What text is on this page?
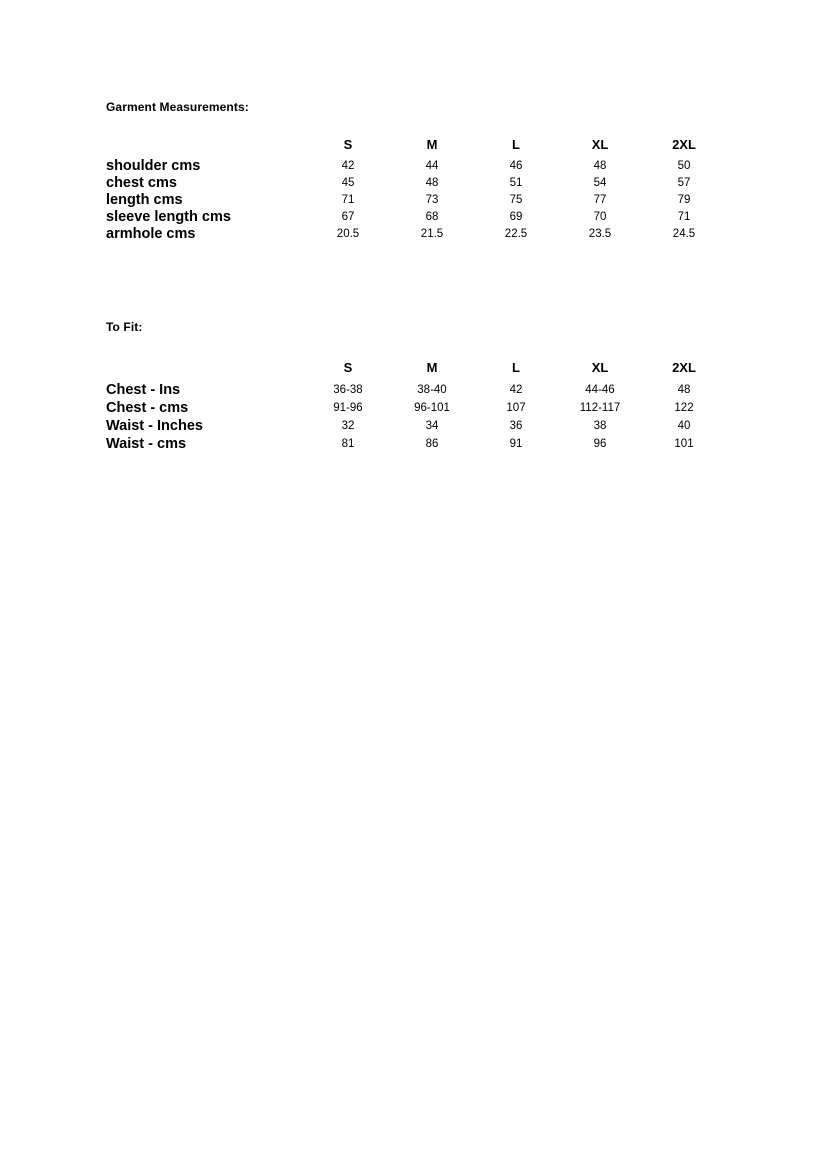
Garment Measurements:
	S	M	L	XL	2XL
shoulder cms	42	44	46	48	50
chest cms	45	48	51	54	57
length cms	71	73	75	77	79
sleeve length cms	67	68	69	70	71
armhole cms	20.5	21.5	22.5	23.5	24.5
To Fit:
	S	M	L	XL	2XL
Chest - Ins	36-38	38-40	42	44-46	48
Chest - cms	91-96	96-101	107	112-117	122
Waist - Inches	32	34	36	38	40
Waist - cms	81	86	91	96	101
